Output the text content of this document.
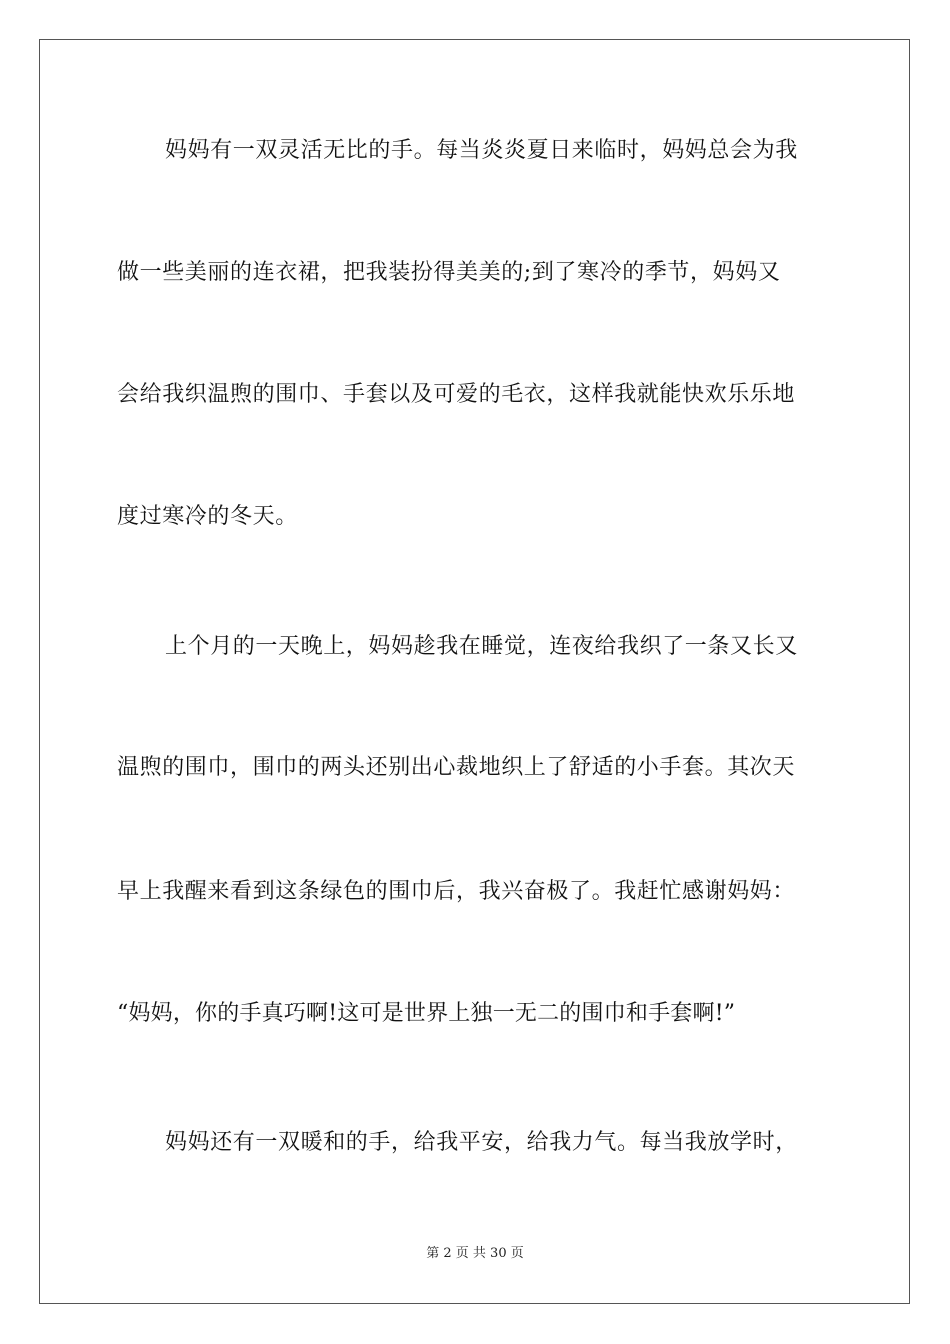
妈妈有一双灵活无比的手。每当炎炎夏日来临时，妈妈总会为我
做一些美丽的连衣裙，把我装扮得美美的;到了寒冷的季节，妈妈又
会给我织温煦的围巾、手套以及可爱的毛衣，这样我就能快欢乐乐地
度过寒冷的冬天。
上个月的一天晚上，妈妈趁我在睡觉，连夜给我织了一条又长又
温煦的围巾，围巾的两头还别出心裁地织上了舒适的小手套。其次天
早上我醒来看到这条绿色的围巾后，我兴奋极了。我赶忙感谢妈妈：
“妈妈，你的手真巧啊!这可是世界上独一无二的围巾和手套啊!”
妈妈还有一双暖和的手，给我平安，给我力气。每当我放学时，
第 2 页 共 30 页
